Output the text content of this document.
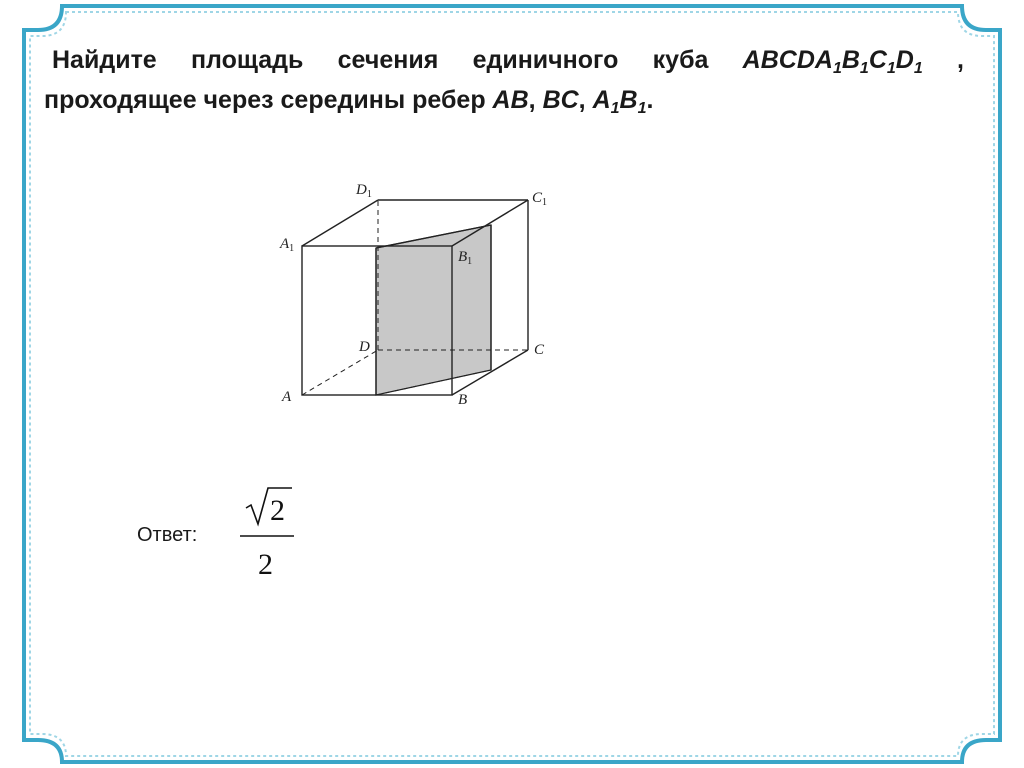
Найдите площадь сечения единичного куба $ABCDA_1B_1C_1D_1$ ,
проходящее через середины ребер AB, BC, $A_1B_1$.
A	B
C
D
$A_1$
$B_1$
$C_1$
$D_1$
Ответ:
2
2
